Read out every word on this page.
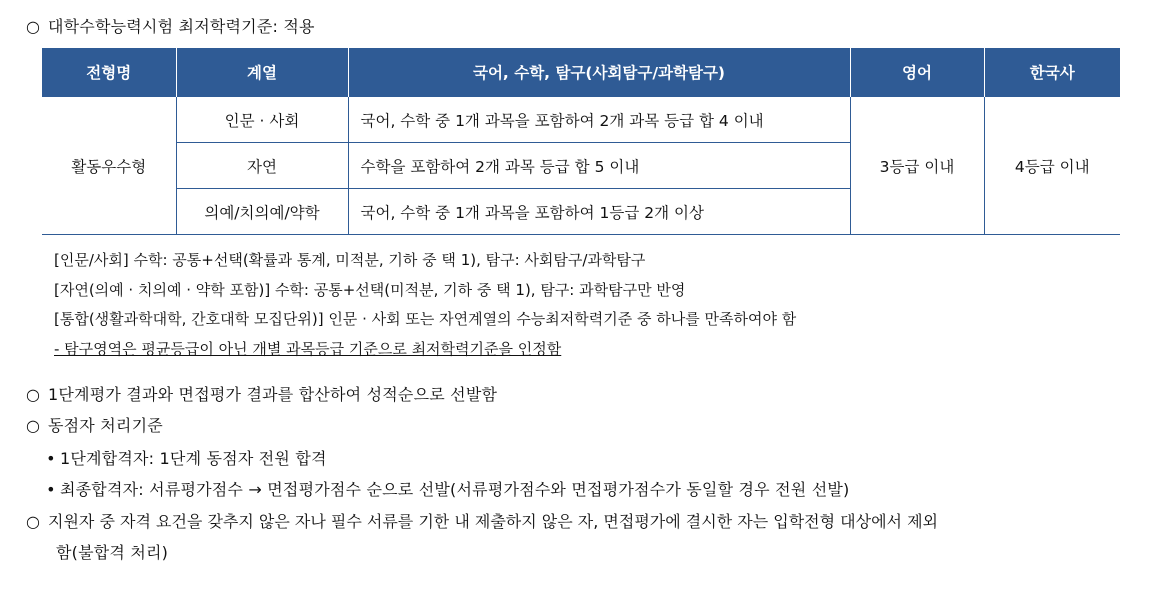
○ 대학수학능력시험 최저학력기준: 적용
전형명	계열	국어, 수학, 탐구(사회탐구/과학탐구)	영어	한국사
활동우수형	인문 · 사회	국어, 수학 중 1개 과목을 포함하여 2개 과목 등급 합 4 이내	3등급 이내	4등급 이내
	자연	수학을 포함하여 2개 과목 등급 합 5 이내		
	의예/치의예/약학	국어, 수학 중 1개 과목을 포함하여 1등급 2개 이상		
[인문/사회] 수학: 공통+선택(확률과 통계, 미적분, 기하 중 택 1), 탐구: 사회탐구/과학탐구
[자연(의예 · 치의예 · 약학 포함)] 수학: 공통+선택(미적분, 기하 중 택 1), 탐구: 과학탐구만 반영
[통합(생활과학대학, 간호대학 모집단위)] 인문 · 사회 또는 자연계열의 수능최저학력기준 중 하나를 만족하여야 함
- 탐구영역은 평균등급이 아닌 개별 과목등급 기준으로 최저학력기준을 인정함
○ 1단계평가 결과와 면접평가 결과를 합산하여 성적순으로 선발함
○ 동점자 처리기준
• 1단계합격자: 1단계 동점자 전원 합격
• 최종합격자: 서류평가점수 → 면접평가점수 순으로 선발(서류평가점수와 면접평가점수가 동일할 경우 전원 선발)
○ 지원자 중 자격 요건을 갖추지 않은 자나 필수 서류를 기한 내 제출하지 않은 자, 면접평가에 결시한 자는 입학전형 대상에서 제외
함(불합격 처리)
